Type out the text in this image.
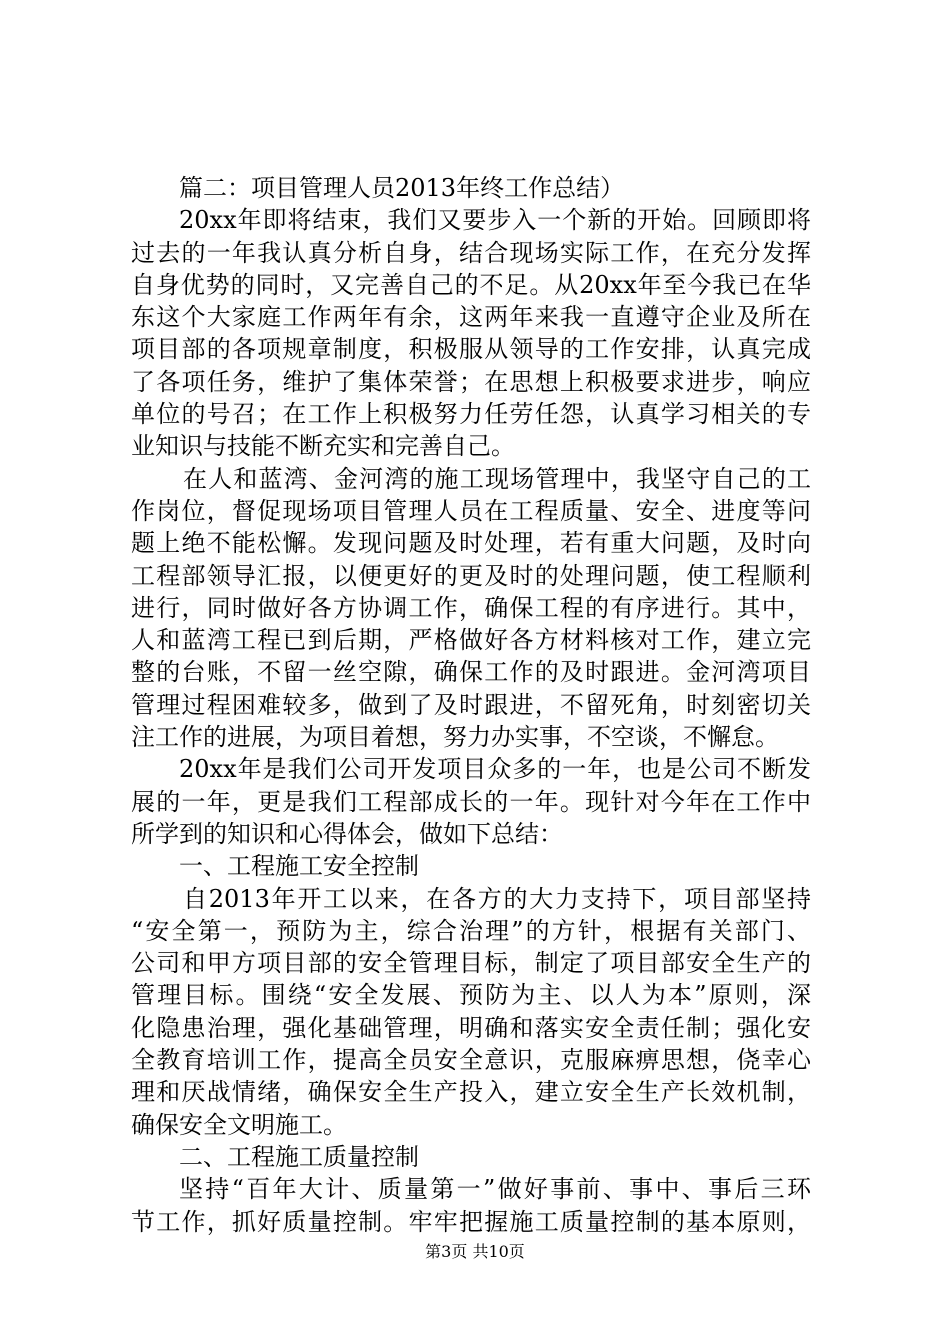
篇二：项目管理人员2013年终工作总结）
20xx年即将结束，我们又要步入一个新的开始。回顾即将
过去的一年我认真分析自身，结合现场实际工作，在充分发挥
自身优势的同时，又完善自己的不足。从20xx年至今我已在华
东这个大家庭工作两年有余，这两年来我一直遵守企业及所在
项目部的各项规章制度，积极服从领导的工作安排，认真完成
了各项任务，维护了集体荣誉；在思想上积极要求进步，响应
单位的号召；在工作上积极努力任劳任怨，认真学习相关的专
业知识与技能不断充实和完善自己。
在人和蓝湾、金河湾的施工现场管理中，我坚守自己的工
作岗位，督促现场项目管理人员在工程质量、安全、进度等问
题上绝不能松懈。发现问题及时处理，若有重大问题，及时向
工程部领导汇报，以便更好的更及时的处理问题，使工程顺利
进行，同时做好各方协调工作，确保工程的有序进行。其中，
人和蓝湾工程已到后期，严格做好各方材料核对工作，建立完
整的台账，不留一丝空隙，确保工作的及时跟进。金河湾项目
管理过程困难较多，做到了及时跟进，不留死角，时刻密切关
注工作的进展，为项目着想，努力办实事，不空谈，不懈怠。
20xx年是我们公司开发项目众多的一年，也是公司不断发
展的一年，更是我们工程部成长的一年。现针对今年在工作中
所学到的知识和心得体会，做如下总结：
一、工程施工安全控制
自2013年开工以来，在各方的大力支持下，项目部坚持
“安全第一，预防为主，综合治理”的方针，根据有关部门、
公司和甲方项目部的安全管理目标，制定了项目部安全生产的
管理目标。围绕“安全发展、预防为主、以人为本”原则，深
化隐患治理，强化基础管理，明确和落实安全责任制；强化安
全教育培训工作，提高全员安全意识，克服麻痹思想，侥幸心
理和厌战情绪，确保安全生产投入，建立安全生产长效机制，
确保安全文明施工。
二、工程施工质量控制
坚持“百年大计、质量第一”做好事前、事中、事后三环
节工作，抓好质量控制。牢牢把握施工质量控制的基本原则，
第3页 共10页
